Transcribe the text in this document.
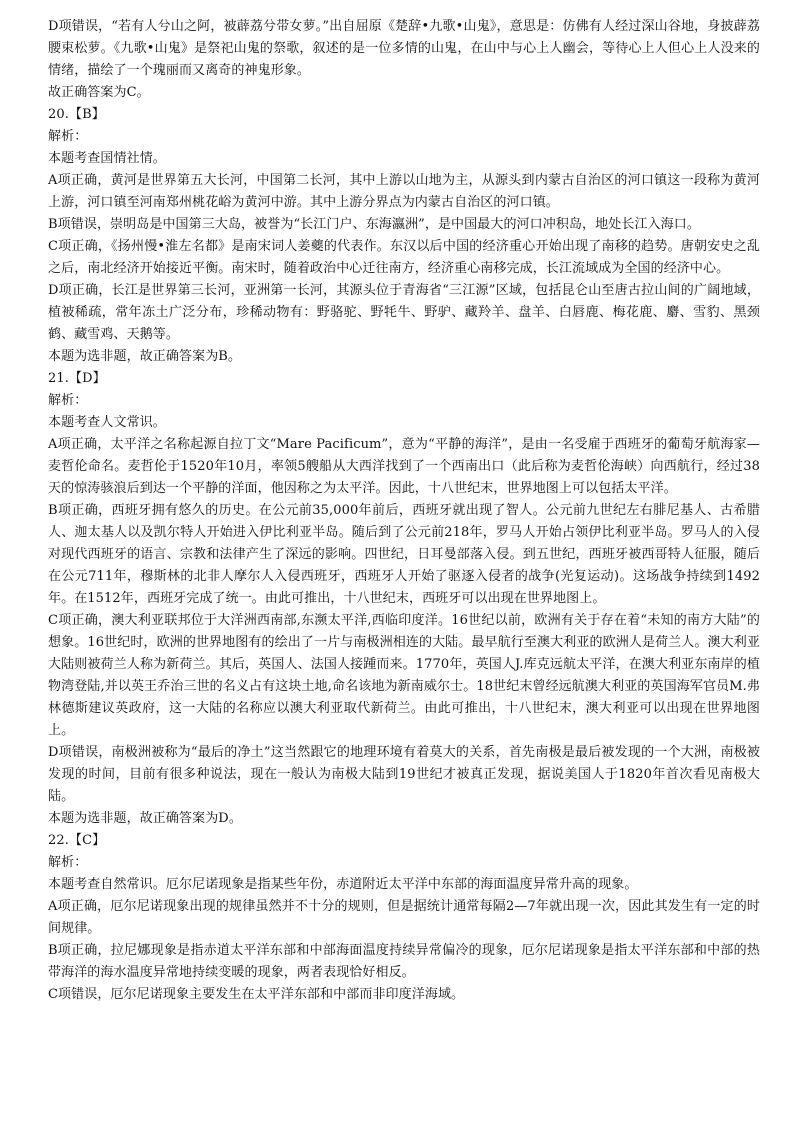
D项错误，“若有人兮山之阿，被薜荔兮带女萝。”出自屈原《楚辞•九歌•山鬼》，意思是：仿佛有人经过深山谷地，身披薜荔腰束松萝。《九歌•山鬼》是祭祀山鬼的祭歌，叙述的是一位多情的山鬼，在山中与心上人幽会，等待心上人但心上人没来的情绪，描绘了一个瑰丽而又离奇的神鬼形象。

故正确答案为C。

20.【B】

解析：

本题考查国情社情。

A项正确，黄河是世界第五大长河，中国第二长河，其中上游以山地为主，从源头到内蒙古自治区的河口镇这一段称为黄河上游，河口镇至河南郑州桃花峪为黄河中游。其中上游分界点为内蒙古自治区的河口镇。

B项错误，崇明岛是中国第三大岛，被誉为“长江门户、东海瀛洲”，是中国最大的河口冲积岛，地处长江入海口。

C项正确，《扬州慢•淮左名都》是南宋词人姜夔的代表作。东汉以后中国的经济重心开始出现了南移的趋势。唐朝安史之乱之后，南北经济开始接近平衡。南宋时，随着政治中心迁往南方，经济重心南移完成，长江流域成为全国的经济中心。

D项正确，长江是世界第三长河，亚洲第一长河，其源头位于青海省“三江源”区域，包括昆仑山至唐古拉山间的广阔地域，植被稀疏，常年冻土广泛分布，珍稀动物有：野骆驼、野牦牛、野驴、藏羚羊、盘羊、白唇鹿、梅花鹿、麝、雪豹、黑颈鹤、藏雪鸡、天鹅等。

本题为选非题，故正确答案为B。

21.【D】

解析：

本题考查人文常识。

A项正确，太平洋之名称起源自拉丁文“Mare Pacificum”，意为“平静的海洋”，是由一名受雇于西班牙的葡萄牙航海家—麦哲伦命名。麦哲伦于1520年10月，率领5艘船从大西洋找到了一个西南出口（此后称为麦哲伦海峡）向西航行，经过38天的惊涛骇浪后到达一个平静的洋面，他因称之为太平洋。因此，十八世纪末，世界地图上可以包括太平洋。

B项正确，西班牙拥有悠久的历史。在公元前35,000年前后，西班牙就出现了智人。公元前九世纪左右腓尼基人、古希腊人、迦太基人以及凯尔特人开始进入伊比利亚半岛。随后到了公元前218年，罗马人开始占领伊比利亚半岛。罗马人的入侵对现代西班牙的语言、宗教和法律产生了深远的影响。四世纪，日耳曼部落入侵。到五世纪，西班牙被西哥特人征服，随后在公元711年，穆斯林的北非人摩尔人入侵西班牙，西班牙人开始了驱逐入侵者的战争(光复运动)。这场战争持续到1492年。在1512年，西班牙完成了统一。由此可推出，十八世纪末，西班牙可以出现在世界地图上。

C项正确，澳大利亚联邦位于大洋洲西南部,东濒太平洋,西临印度洋。16世纪以前，欧洲有关于存在着“未知的南方大陆”的想象。16世纪时，欧洲的世界地图有的绘出了一片与南极洲相连的大陆。最早航行至澳大利亚的欧洲人是荷兰人。澳大利亚大陆则被荷兰人称为新荷兰。其后，英国人、法国人接踵而来。1770年，英国人J.库克远航太平洋，在澳大利亚东南岸的植物湾登陆,并以英王乔治三世的名义占有这块土地,命名该地为新南威尔士。18世纪末曾经远航澳大利亚的英国海军官员M.弗林德斯建议英政府，这一大陆的名称应以澳大利亚取代新荷兰。由此可推出，十八世纪末，澳大利亚可以出现在世界地图上。

D项错误，南极洲被称为“最后的净土”这当然跟它的地理环境有着莫大的关系，首先南极是最后被发现的一个大洲，南极被发现的时间，目前有很多种说法，现在一般认为南极大陆到19世纪才被真正发现，据说美国人于1820年首次看见南极大陆。

本题为选非题，故正确答案为D。

22.【C】

解析：

本题考查自然常识。厄尔尼诺现象是指某些年份，赤道附近太平洋中东部的海面温度异常升高的现象。

A项正确，厄尔尼诺现象出现的规律虽然并不十分的规则，但是据统计通常每隔2—7年就出现一次，因此其发生有一定的时间规律。

B项正确，拉尼娜现象是指赤道太平洋东部和中部海面温度持续异常偏冷的现象，厄尔尼诺现象是指太平洋东部和中部的热带海洋的海水温度异常地持续变暖的现象，两者表现恰好相反。

C项错误，厄尔尼诺现象主要发生在太平洋东部和中部而非印度洋海域。
